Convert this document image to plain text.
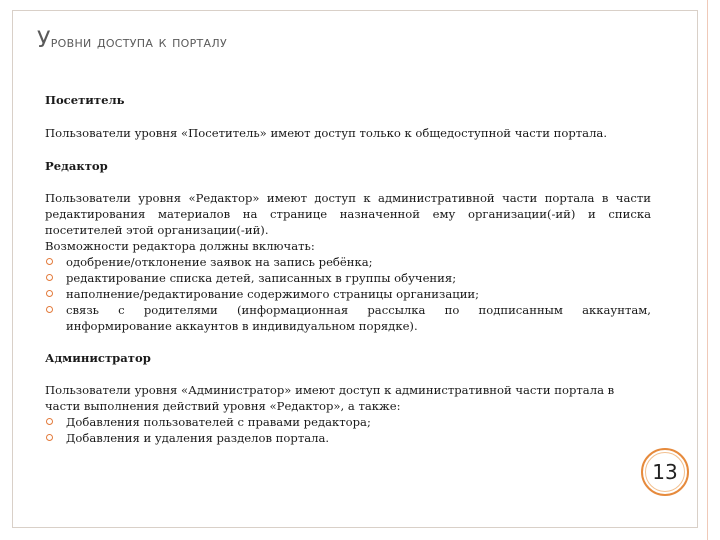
Уровни доступа к порталу

Посетитель

Пользователи уровня «Посетитель» имеют доступ только к общедоступной части портала.

Редактор

Пользователи уровня «Редактор» имеют доступ к административной части портала в части редактирования материалов на странице назначенной ему организации(-ий) и списка посетителей этой организации(-ий).

Возможности редактора должны включать:

одобрение/отклонение заявок на запись ребёнка;
редактирование списка детей, записанных в группы обучения;
наполнение/редактирование содержимого страницы организации;
связь с родителями (информационная рассылка по подписанным аккаунтам, информирование аккаунтов в индивидуальном порядке).

Администратор

Пользователи уровня «Администратор» имеют доступ к административной части портала в части выполнения действий уровня «Редактор», а также:

Добавления пользователей с правами редактора;
Добавления и удаления разделов портала.
13
